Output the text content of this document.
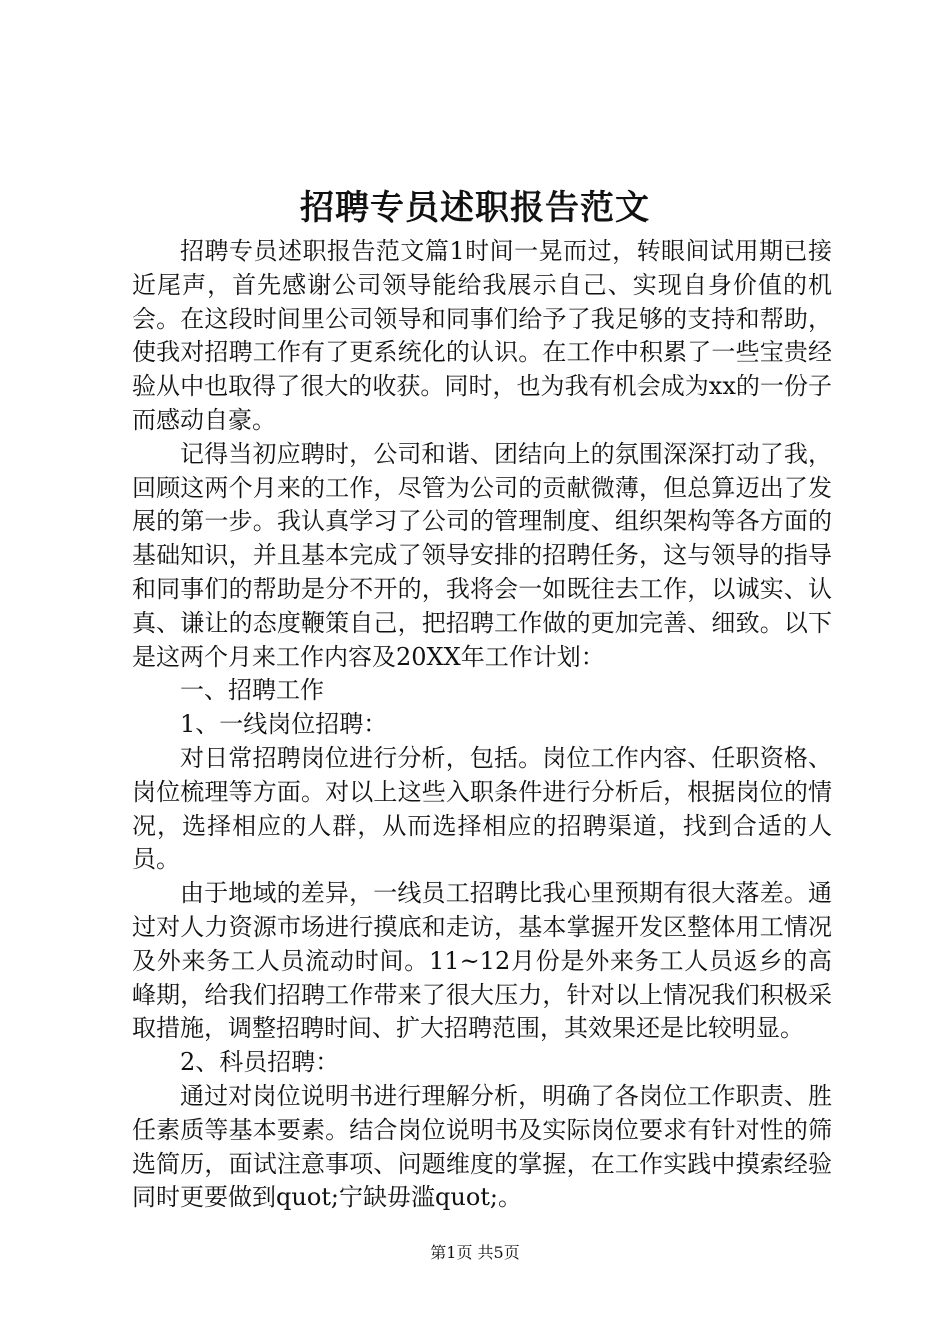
招聘专员述职报告范文

招聘专员述职报告范文篇1时间一晃而过，转眼间试用期已接近尾声，首先感谢公司领导能给我展示自己、实现自身价值的机会。在这段时间里公司领导和同事们给予了我足够的支持和帮助，使我对招聘工作有了更系统化的认识。在工作中积累了一些宝贵经验从中也取得了很大的收获。同时，也为我有机会成为xx的一份子而感动自豪。

记得当初应聘时，公司和谐、团结向上的氛围深深打动了我，回顾这两个月来的工作，尽管为公司的贡献微薄，但总算迈出了发展的第一步。我认真学习了公司的管理制度、组织架构等各方面的基础知识，并且基本完成了领导安排的招聘任务，这与领导的指导和同事们的帮助是分不开的，我将会一如既往去工作，以诚实、认真、谦让的态度鞭策自己，把招聘工作做的更加完善、细致。以下是这两个月来工作内容及20XX年工作计划：

一、招聘工作

1、一线岗位招聘：

对日常招聘岗位进行分析，包括。岗位工作内容、任职资格、岗位梳理等方面。对以上这些入职条件进行分析后，根据岗位的情况，选择相应的人群，从而选择相应的招聘渠道，找到合适的人员。

由于地域的差异，一线员工招聘比我心里预期有很大落差。通过对人力资源市场进行摸底和走访，基本掌握开发区整体用工情况及外来务工人员流动时间。11~12月份是外来务工人员返乡的高峰期，给我们招聘工作带来了很大压力，针对以上情况我们积极采取措施，调整招聘时间、扩大招聘范围，其效果还是比较明显。

2、科员招聘：

通过对岗位说明书进行理解分析，明确了各岗位工作职责、胜任素质等基本要素。结合岗位说明书及实际岗位要求有针对性的筛选简历，面试注意事项、问题维度的掌握，在工作实践中摸索经验同时更要做到quot;宁缺毋滥quot;。

第1页 共5页
